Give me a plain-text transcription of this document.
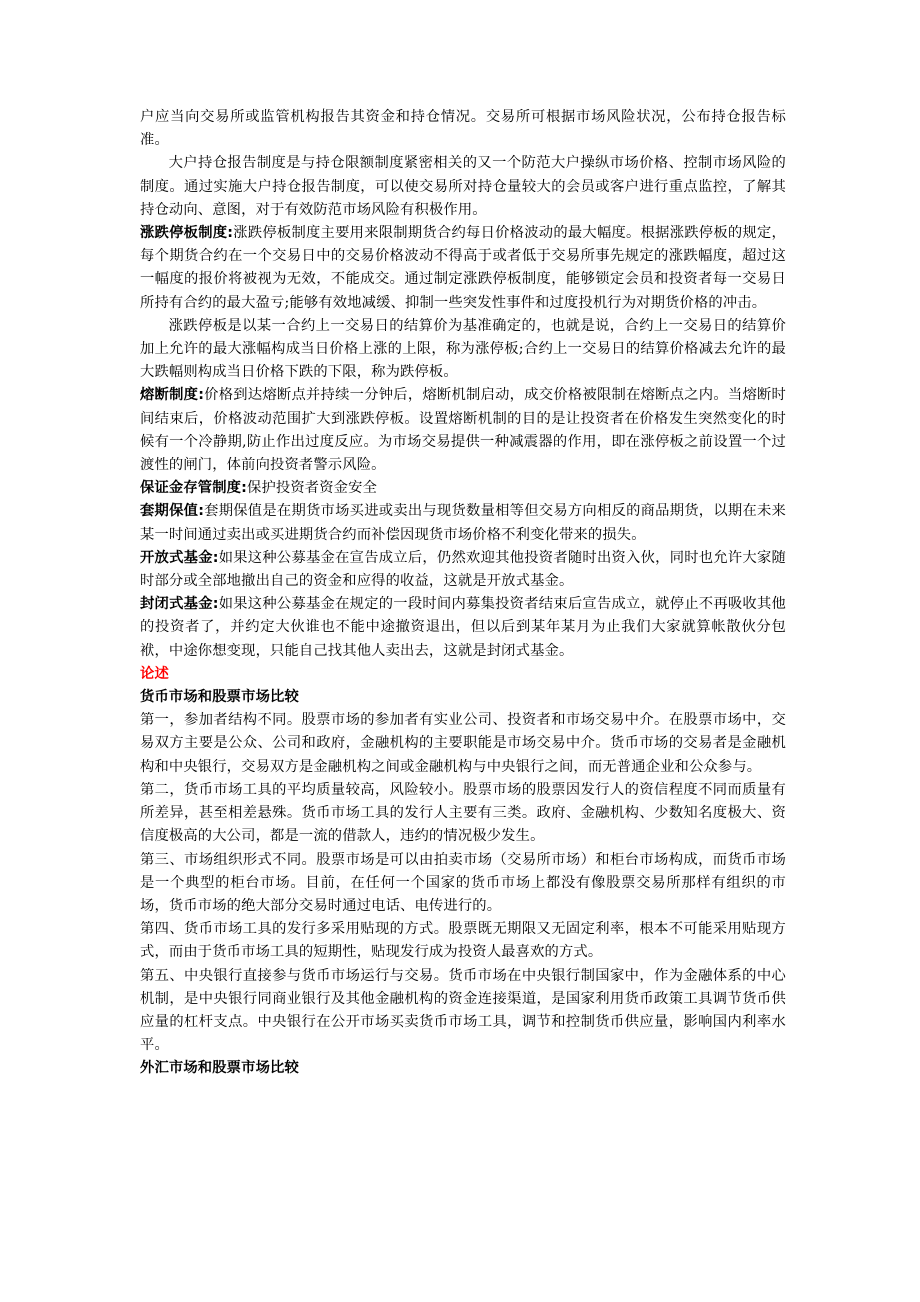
户应当向交易所或监管机构报告其资金和持仓情况。交易所可根据市场风险状况，公布持仓报告标准。

大户持仓报告制度是与持仓限额制度紧密相关的又一个防范大户操纵市场价格、控制市场风险的制度。通过实施大户持仓报告制度，可以使交易所对持仓量较大的会员或客户进行重点监控，了解其持仓动向、意图，对于有效防范市场风险有积极作用。

涨跌停板制度:涨跌停板制度主要用来限制期货合约每日价格波动的最大幅度。根据涨跌停板的规定，每个期货合约在一个交易日中的交易价格波动不得高于或者低于交易所事先规定的涨跌幅度，超过这一幅度的报价将被视为无效，不能成交。通过制定涨跌停板制度，能够锁定会员和投资者每一交易日所持有合约的最大盈亏;能够有效地减缓、抑制一些突发性事件和过度投机行为对期货价格的冲击。

涨跌停板是以某一合约上一交易日的结算价为基准确定的，也就是说，合约上一交易日的结算价加上允许的最大涨幅构成当日价格上涨的上限，称为涨停板;合约上一交易日的结算价格减去允许的最大跌幅则构成当日价格下跌的下限，称为跌停板。

熔断制度:价格到达熔断点并持续一分钟后，熔断机制启动，成交价格被限制在熔断点之内。当熔断时间结束后，价格波动范围扩大到涨跌停板。设置熔断机制的目的是让投资者在价格发生突然变化的时候有一个冷静期,防止作出过度反应。为市场交易提供一种减震器的作用，即在涨停板之前设置一个过渡性的闸门，体前向投资者警示风险。

保证金存管制度:保护投资者资金安全

套期保值:套期保值是在期货市场买进或卖出与现货数量相等但交易方向相反的商品期货，以期在未来某一时间通过卖出或买进期货合约而补偿因现货市场价格不利变化带来的损失。

开放式基金:如果这种公募基金在宣告成立后，仍然欢迎其他投资者随时出资入伙，同时也允许大家随时部分或全部地撤出自己的资金和应得的收益，这就是开放式基金。

封闭式基金:如果这种公募基金在规定的一段时间内募集投资者结束后宣告成立，就停止不再吸收其他的投资者了，并约定大伙谁也不能中途撤资退出，但以后到某年某月为止我们大家就算帐散伙分包袱，中途你想变现，只能自己找其他人卖出去，这就是封闭式基金。

论述

货币市场和股票市场比较

第一，参加者结构不同。股票市场的参加者有实业公司、投资者和市场交易中介。在股票市场中，交易双方主要是公众、公司和政府，金融机构的主要职能是市场交易中介。货币市场的交易者是金融机构和中央银行，交易双方是金融机构之间或金融机构与中央银行之间，而无普通企业和公众参与。

第二，货币市场工具的平均质量较高，风险较小。股票市场的股票因发行人的资信程度不同而质量有所差异，甚至相差悬殊。货币市场工具的发行人主要有三类。政府、金融机构、少数知名度极大、资信度极高的大公司，都是一流的借款人，违约的情况极少发生。

第三、市场组织形式不同。股票市场是可以由拍卖市场（交易所市场）和柜台市场构成，而货币市场是一个典型的柜台市场。目前，在任何一个国家的货币市场上都没有像股票交易所那样有组织的市场，货币市场的绝大部分交易时通过电话、电传进行的。

第四、货币市场工具的发行多采用贴现的方式。股票既无期限又无固定利率，根本不可能采用贴现方式，而由于货币市场工具的短期性，贴现发行成为投资人最喜欢的方式。

第五、中央银行直接参与货币市场运行与交易。货币市场在中央银行制国家中，作为金融体系的中心机制，是中央银行同商业银行及其他金融机构的资金连接渠道，是国家利用货币政策工具调节货币供应量的杠杆支点。中央银行在公开市场买卖货币市场工具，调节和控制货币供应量，影响国内利率水平。

外汇市场和股票市场比较
